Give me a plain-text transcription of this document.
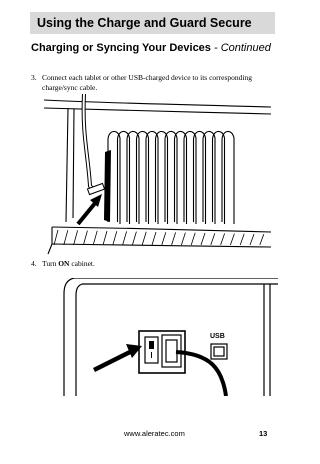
Using the Charge and Guard Secure
Charging or Syncing Your Devices - Continued
3. Connect each tablet or other USB-charged device to its corresponding charge/sync cable.
4. Turn ON cabinet.
USB
www.aleratec.com	13
